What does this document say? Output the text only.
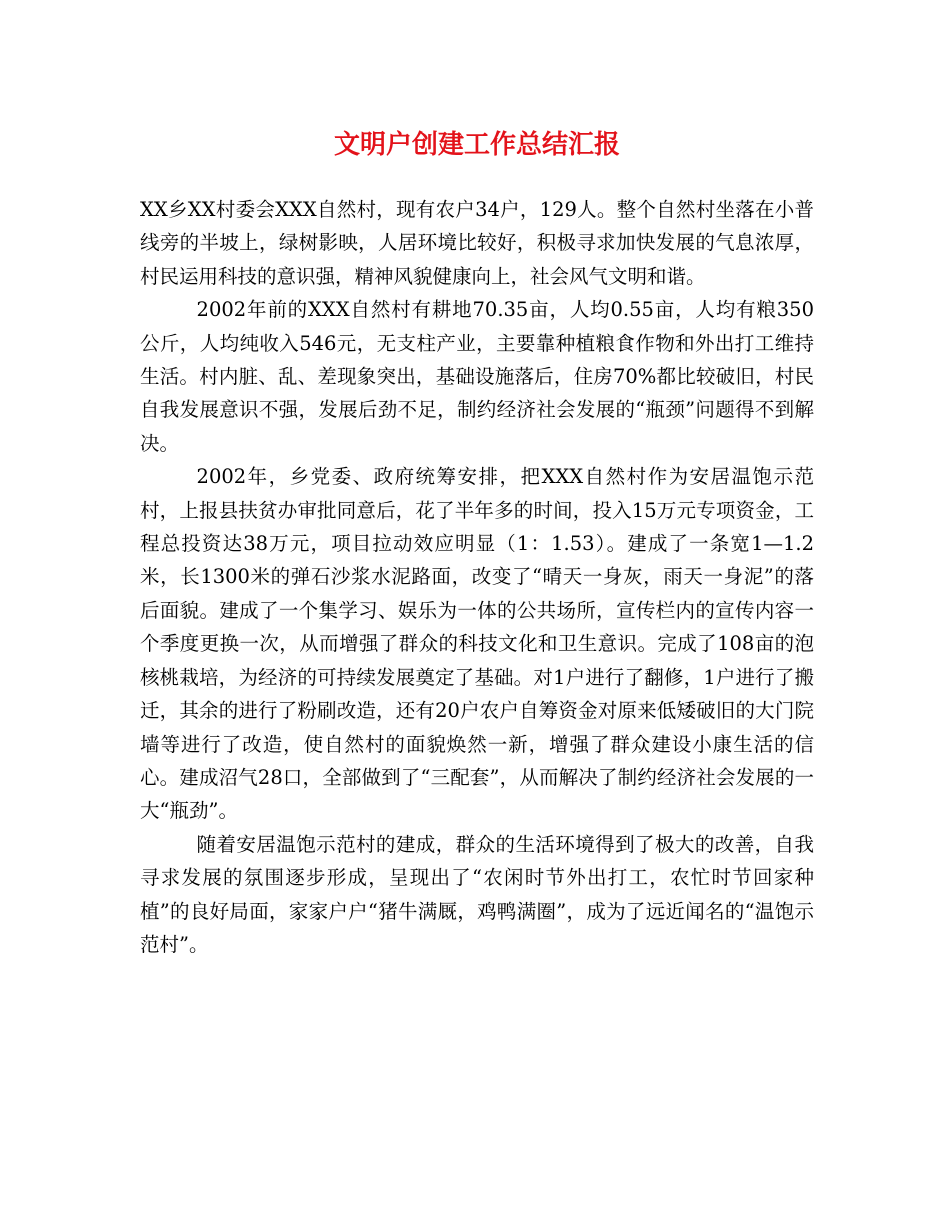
文明户创建工作总结汇报

XX乡XX村委会XXX自然村，现有农户34户，129人。整个自然村坐落在小普线旁的半坡上，绿树影映，人居环境比较好，积极寻求加快发展的气息浓厚，村民运用科技的意识强，精神风貌健康向上，社会风气文明和谐。

2002年前的XXX自然村有耕地70.35亩，人均0.55亩，人均有粮350公斤，人均纯收入546元，无支柱产业，主要靠种植粮食作物和外出打工维持生活。村内脏、乱、差现象突出，基础设施落后，住房70%都比较破旧，村民自我发展意识不强，发展后劲不足，制约经济社会发展的“瓶颈”问题得不到解决。

2002年，乡党委、政府统筹安排，把XXX自然村作为安居温饱示范村，上报县扶贫办审批同意后，花了半年多的时间，投入15万元专项资金，工程总投资达38万元，项目拉动效应明显（1：1.53）。建成了一条宽1—1.2米，长1300米的弹石沙浆水泥路面，改变了“晴天一身灰，雨天一身泥”的落后面貌。建成了一个集学习、娱乐为一体的公共场所，宣传栏内的宣传内容一个季度更换一次，从而增强了群众的科技文化和卫生意识。完成了108亩的泡核桃栽培，为经济的可持续发展奠定了基础。对1户进行了翻修，1户进行了搬迁，其余的进行了粉刷改造，还有20户农户自筹资金对原来低矮破旧的大门院墙等进行了改造，使自然村的面貌焕然一新，增强了群众建设小康生活的信心。建成沼气28口，全部做到了“三配套”，从而解决了制约经济社会发展的一大“瓶劲”。

随着安居温饱示范村的建成，群众的生活环境得到了极大的改善，自我寻求发展的氛围逐步形成，呈现出了“农闲时节外出打工，农忙时节回家种植”的良好局面，家家户户“猪牛满厩，鸡鸭满圈”，成为了远近闻名的“温饱示范村”。
